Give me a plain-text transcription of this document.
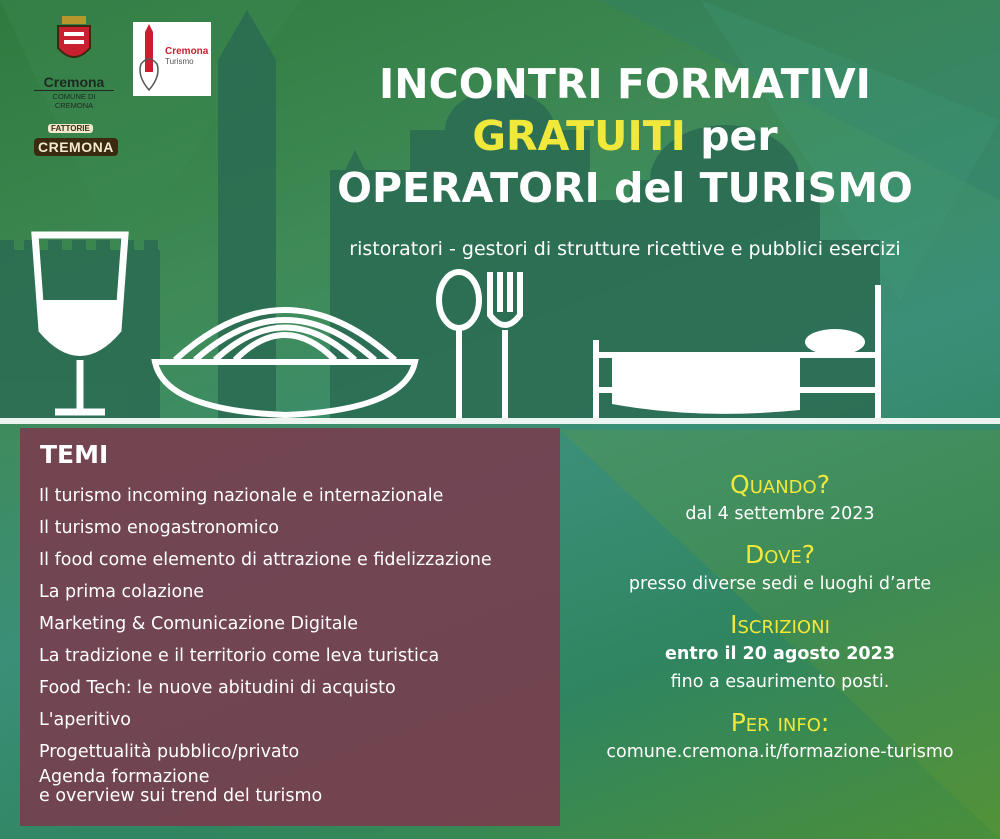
Cremona
COMUNE DI CREMONA
Cremona
Turismo
FATTORIE
CREMONA
INCONTRI FORMATIVI
GRATUITI per
OPERATORI del TURISMO
ristoratori - gestori di strutture ricettive e pubblici esercizi
TEMI
Il turismo incoming nazionale e internazionale
Il turismo enogastronomico
Il food come elemento di attrazione e fidelizzazione
La prima colazione
Marketing & Comunicazione Digitale
La tradizione e il territorio come leva turistica
Food Tech: le nuove abitudini di acquisto
L'aperitivo
Progettualità pubblico/privato
Agenda formazione
e overview sui trend del turismo
Quando?
dal 4 settembre 2023
Dove?
presso diverse sedi e luoghi d’arte
Iscrizioni
entro il 20 agosto 2023
fino a esaurimento posti.
Per info:
comune.cremona.it/formazione-turismo
